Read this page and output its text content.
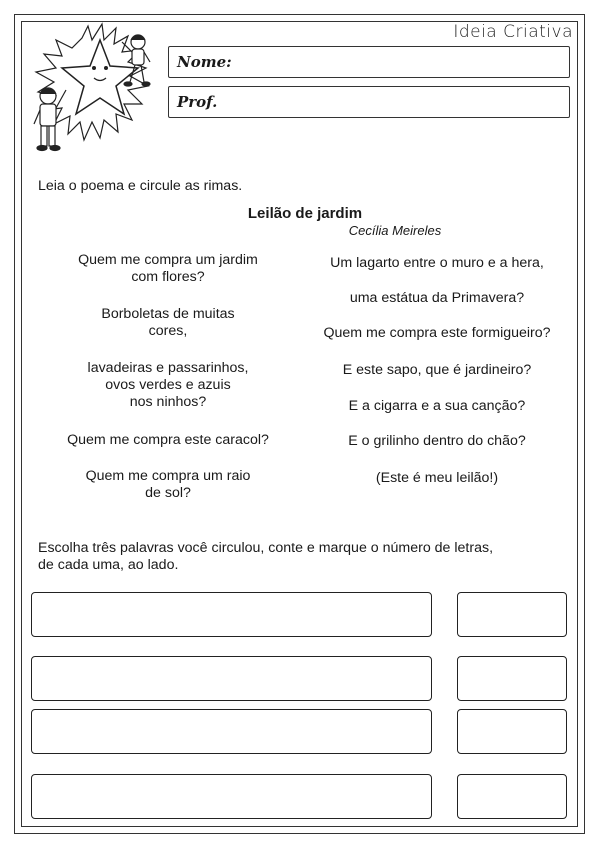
Ideia Criativa
Nome:
Prof.
Leia o poema e circule as rimas.
Leilão de jardim
Cecília Meireles
Quem me compra um jardim
com flores?
Borboletas de muitas
cores,
lavadeiras e passarinhos,
ovos verdes e azuis
nos ninhos?
Quem me compra este caracol?
Quem me compra um raio
de sol?
Um lagarto entre o muro e a hera,
uma estátua da Primavera?
Quem me compra este formigueiro?
E este sapo, que é jardineiro?
E a cigarra e a sua canção?
E o grilinho dentro do chão?
(Este é meu leilão!)
Escolha três palavras você circulou, conte e marque o número de letras,
de cada uma, ao lado.
